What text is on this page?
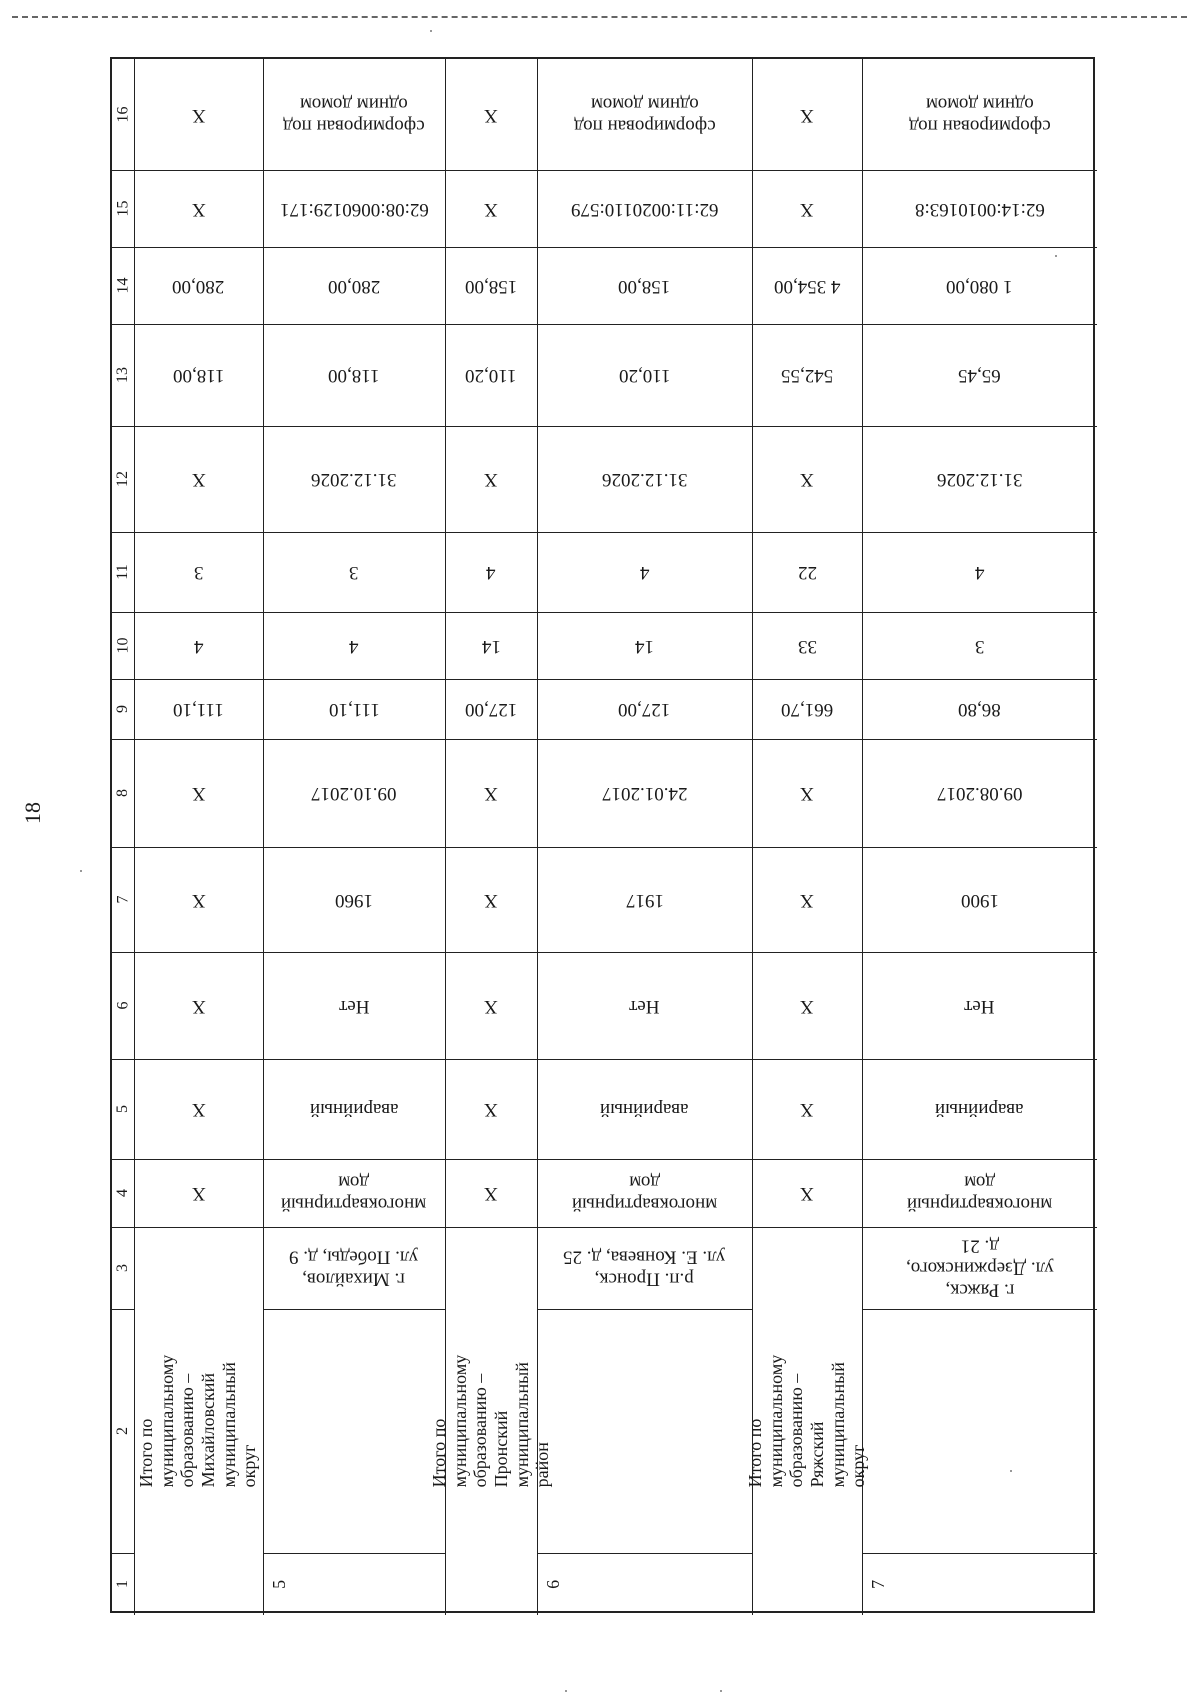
18
1
2
3
4
5
6
7
8
9
10
11
12
13
14
15
16
Итого по
муниципальному
образованию –
Михайловский
муниципальный округ
X
X
X
X
X
111,10
4
3
X
118,00
280,00
X
X
5
г. Михайлов,
ул. Победы, д. 9
многоквартирный
дом
аварийный
Нет
1960
09.10.2017
111,10
4
3
31.12.2026
118,00
280,00
62:08:0060129:171
сформирован под
одним домом
Итого по
муниципальному
образованию – Пронский
муниципальный район
X
X
X
X
X
127,00
14
4
X
110,20
158,00
X
X
6
р.п. Пронск,
ул. Е. Конвева, д. 25
многоквартирный
дом
аварийный
Нет
1917
24.01.2017
127,00
14
4
31.12.2026
110,20
158,00
62:11:0020110:579
сформирован под
одним домом
Итого по
муниципальному
образованию –
Ряжский
муниципальный
округ
X
X
X
X
X
661,70
33
22
X
542,55
4 354,00
X
X
7
г. Ряжск,
ул. Дзержинского,
д. 21
многоквартирный
дом
аварийный
Нет
1900
09.08.2017
86,80
3
4
31.12.2026
65,45
1 080,00
62:14:0010163:8
сформирован под
одним домом
